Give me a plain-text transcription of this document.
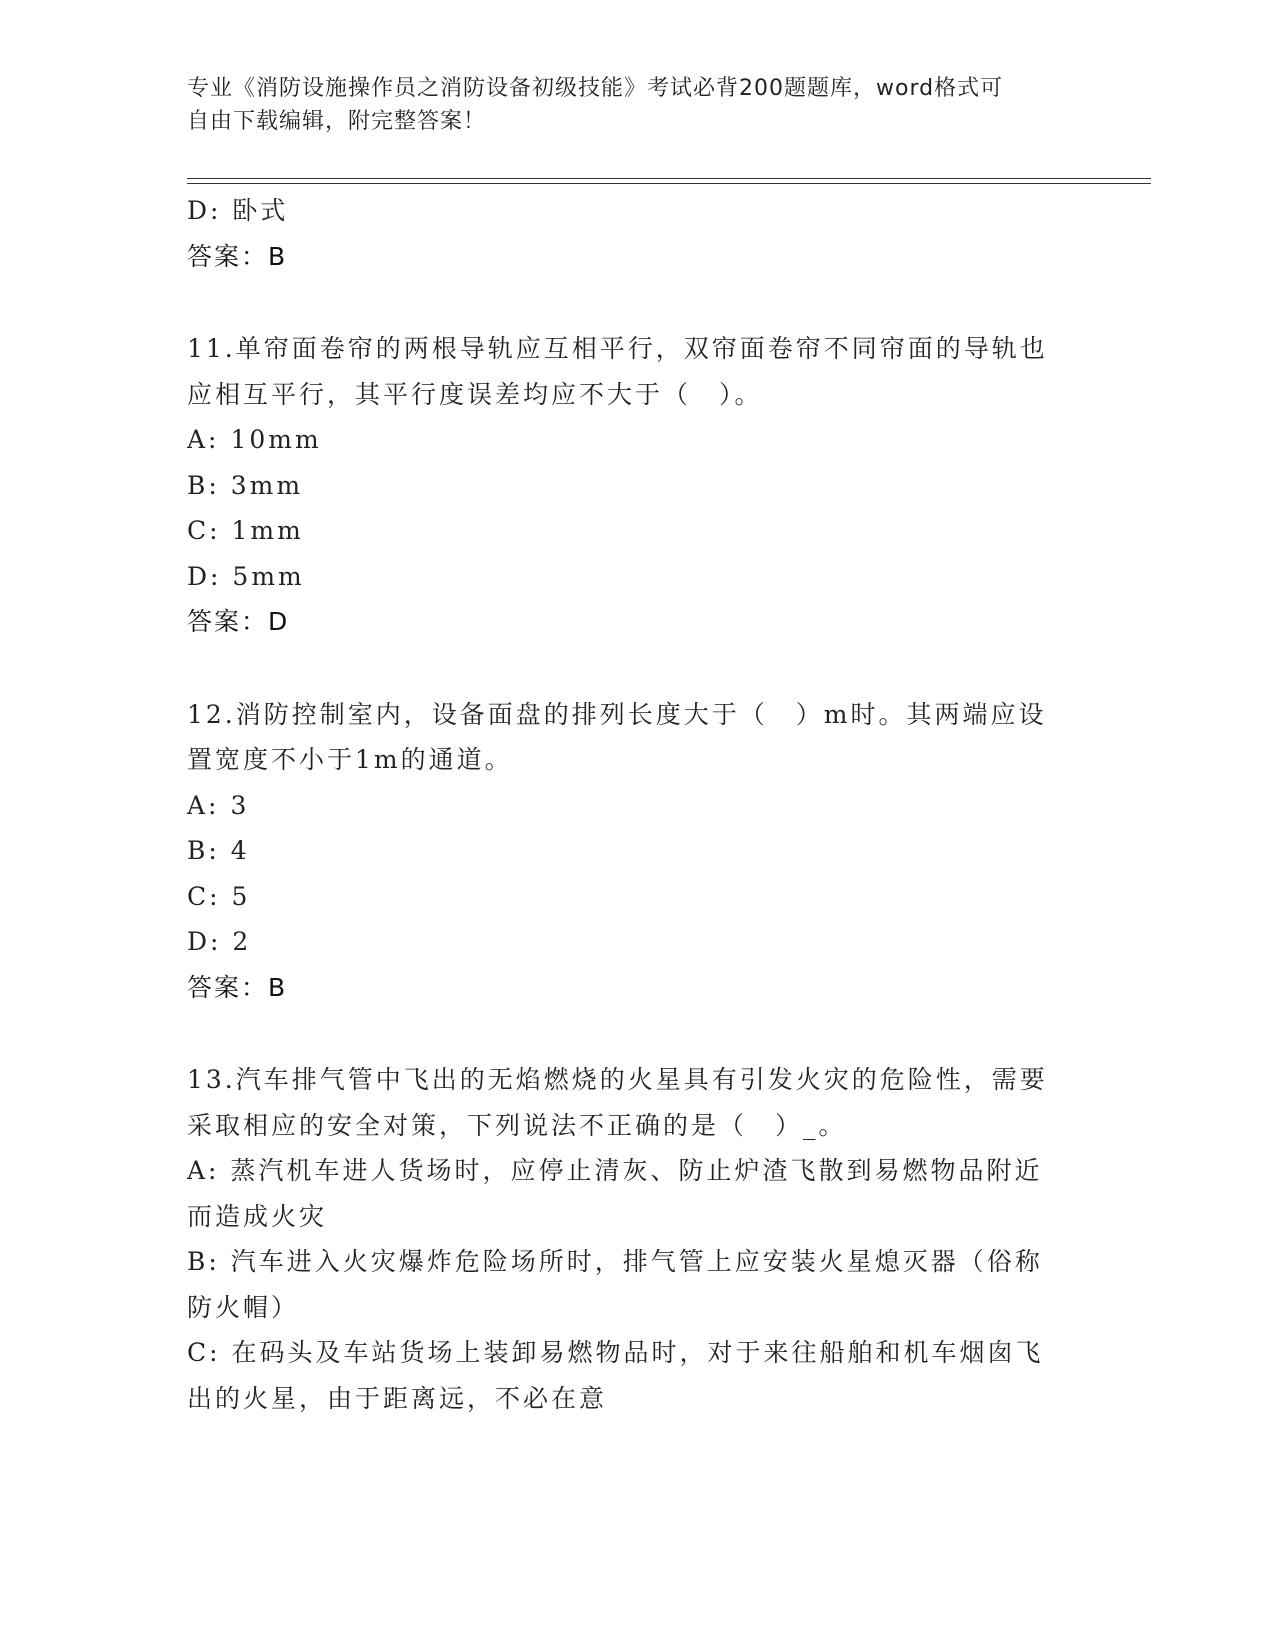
专业《消防设施操作员之消防设备初级技能》考试必背200题题库，word格式可
自由下载编辑，附完整答案！
D: 卧式
答案：B
11.单帘面卷帘的两根导轨应互相平行，双帘面卷帘不同帘面的导轨也
应相互平行，其平行度误差均应不大于（　）。
A: 10mm
B: 3mm
C: 1mm
D: 5mm
答案：D
12.消防控制室内，设备面盘的排列长度大于（　）m时。其两端应设
置宽度不小于1m的通道。
A: 3
B: 4
C: 5
D: 2
答案：B
13.汽车排气管中飞出的无焰燃烧的火星具有引发火灾的危险性，需要
采取相应的安全对策，下列说法不正确的是（　）_。
A: 蒸汽机车进人货场时，应停止清灰、防止炉渣飞散到易燃物品附近
而造成火灾
B: 汽车进入火灾爆炸危险场所时，排气管上应安装火星熄灭器（俗称
防火帽）
C: 在码头及车站货场上装卸易燃物品时，对于来往船舶和机车烟囱飞
出的火星，由于距离远，不必在意
